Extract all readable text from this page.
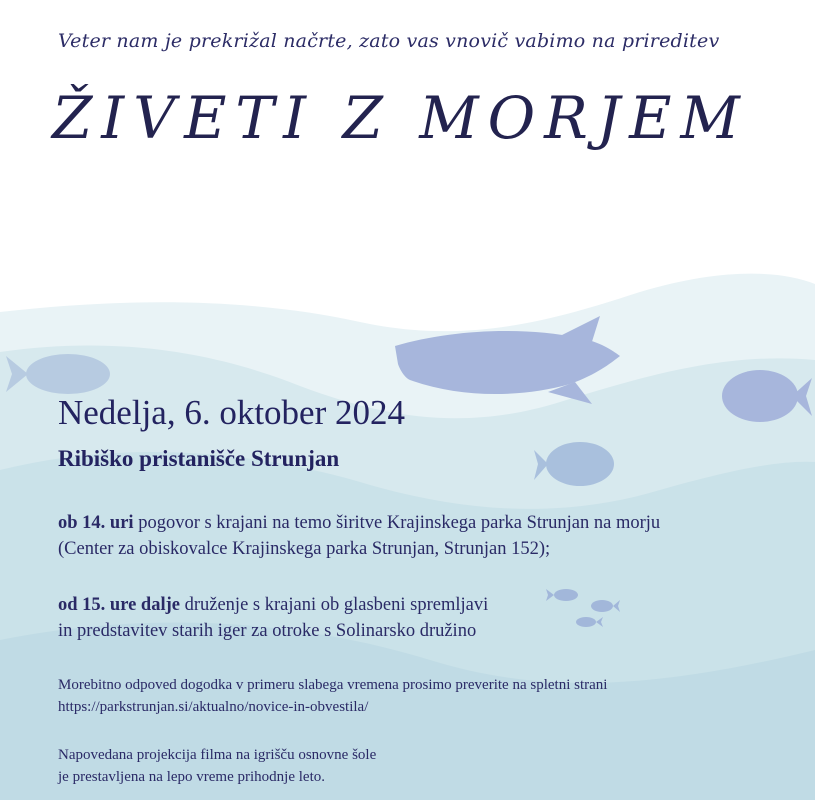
Veter nam je prekrižal načrte, zato vas vnovič vabimo na prireditev
ŽIVETI Z MORJEM
Nedelja, 6. oktober 2024
Ribiško pristanišče Strunjan
ob 14. uri pogovor s krajani na temo širitve Krajinskega parka Strunjan na morju
(Center za obiskovalce Krajinskega parka Strunjan, Strunjan 152);
od 15. ure dalje druženje s krajani ob glasbeni spremljavi
in predstavitev starih iger za otroke s Solinarsko družino
Morebitno odpoved dogodka v primeru slabega vremena prosimo preverite na spletni strani
https://parkstrunjan.si/aktualno/novice-in-obvestila/
Napovedana projekcija filma na igrišču osnovne šole
je prestavljena na lepo vreme prihodnje leto.
